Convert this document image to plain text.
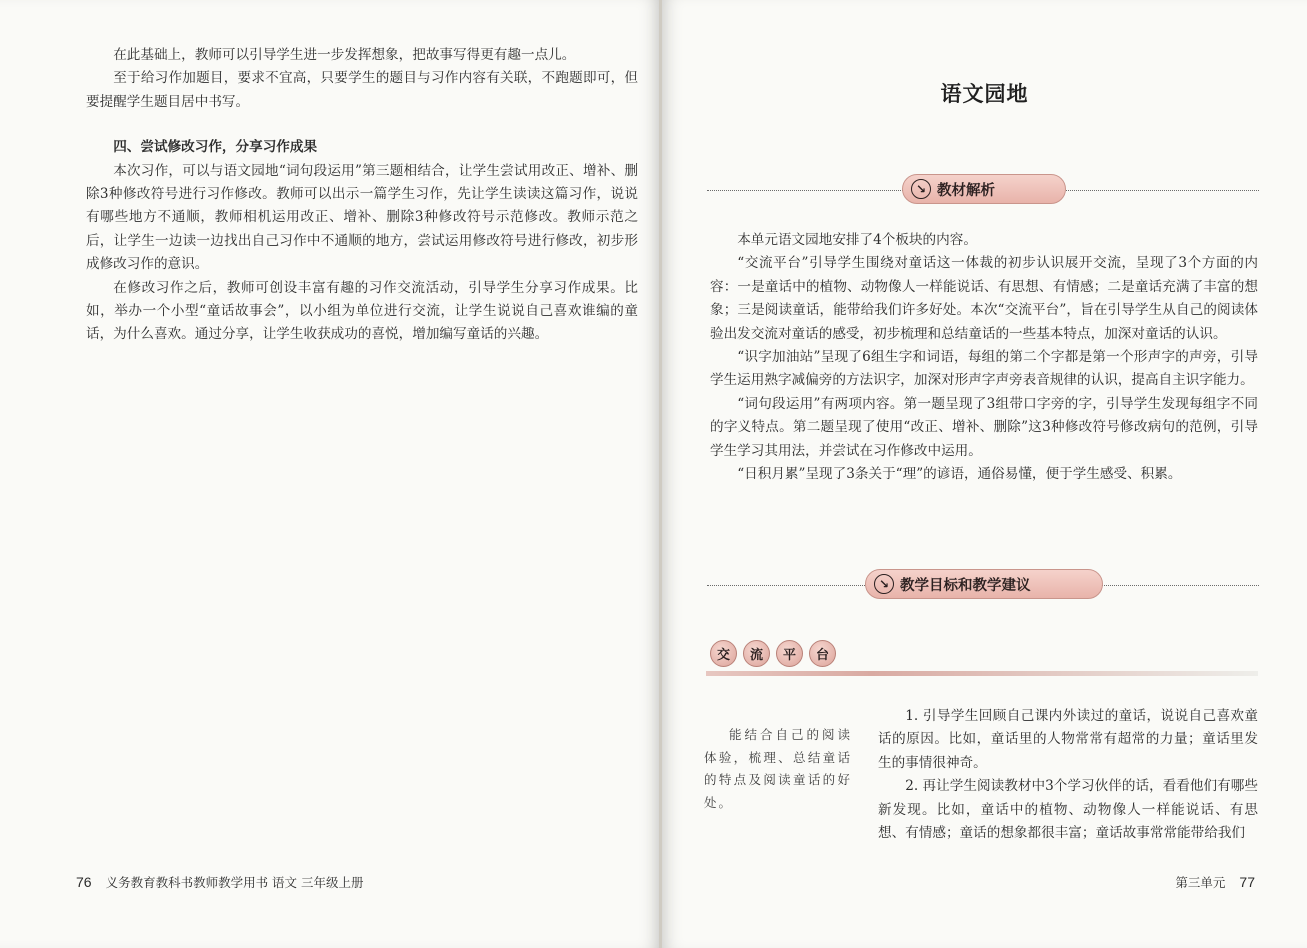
在此基础上，教师可以引导学生进一步发挥想象，把故事写得更有趣一点儿。

至于给习作加题目，要求不宜高，只要学生的题目与习作内容有关联，不跑题即可，但要提醒学生题目居中书写。

四、尝试修改习作，分享习作成果

本次习作，可以与语文园地“词句段运用”第三题相结合，让学生尝试用改正、增补、删除3种修改符号进行习作修改。教师可以出示一篇学生习作，先让学生读读这篇习作，说说有哪些地方不通顺，教师相机运用改正、增补、删除3种修改符号示范修改。教师示范之后，让学生一边读一边找出自己习作中不通顺的地方，尝试运用修改符号进行修改，初步形成修改习作的意识。

在修改习作之后，教师可创设丰富有趣的习作交流活动，引导学生分享习作成果。比如，举办一个小型“童话故事会”，以小组为单位进行交流，让学生说说自己喜欢谁编的童话，为什么喜欢。通过分享，让学生收获成功的喜悦，增加编写童话的兴趣。

76 义务教育教科书教师教学用书 语文 三年级上册
语文园地
↘ 教材解析

本单元语文园地安排了4个板块的内容。

“交流平台”引导学生围绕对童话这一体裁的初步认识展开交流，呈现了3个方面的内容：一是童话中的植物、动物像人一样能说话、有思想、有情感；二是童话充满了丰富的想象；三是阅读童话，能带给我们许多好处。本次“交流平台”，旨在引导学生从自己的阅读体验出发交流对童话的感受，初步梳理和总结童话的一些基本特点，加深对童话的认识。

“识字加油站”呈现了6组生字和词语，每组的第二个字都是第一个形声字的声旁，引导学生运用熟字减偏旁的方法识字，加深对形声字声旁表音规律的认识，提高自主识字能力。

“词句段运用”有两项内容。第一题呈现了3组带口字旁的字，引导学生发现每组字不同的字义特点。第二题呈现了使用“改正、增补、删除”这3种修改符号修改病句的范例，引导学生学习其用法，并尝试在习作修改中运用。

“日积月累”呈现了3条关于“理”的谚语，通俗易懂，便于学生感受、积累。

↘ 教学目标和教学建议
交	流	平	台

能结合自己的阅读体验，梳理、总结童话的特点及阅读童话的好处。

1. 引导学生回顾自己课内外读过的童话，说说自己喜欢童话的原因。比如，童话里的人物常常有超常的力量；童话里发生的事情很神奇。

2. 再让学生阅读教材中3个学习伙伴的话，看看他们有哪些新发现。比如，童话中的植物、动物像人一样能说话、有思想、有情感；童话的想象都很丰富；童话故事常常能带给我们

第三单元 77
